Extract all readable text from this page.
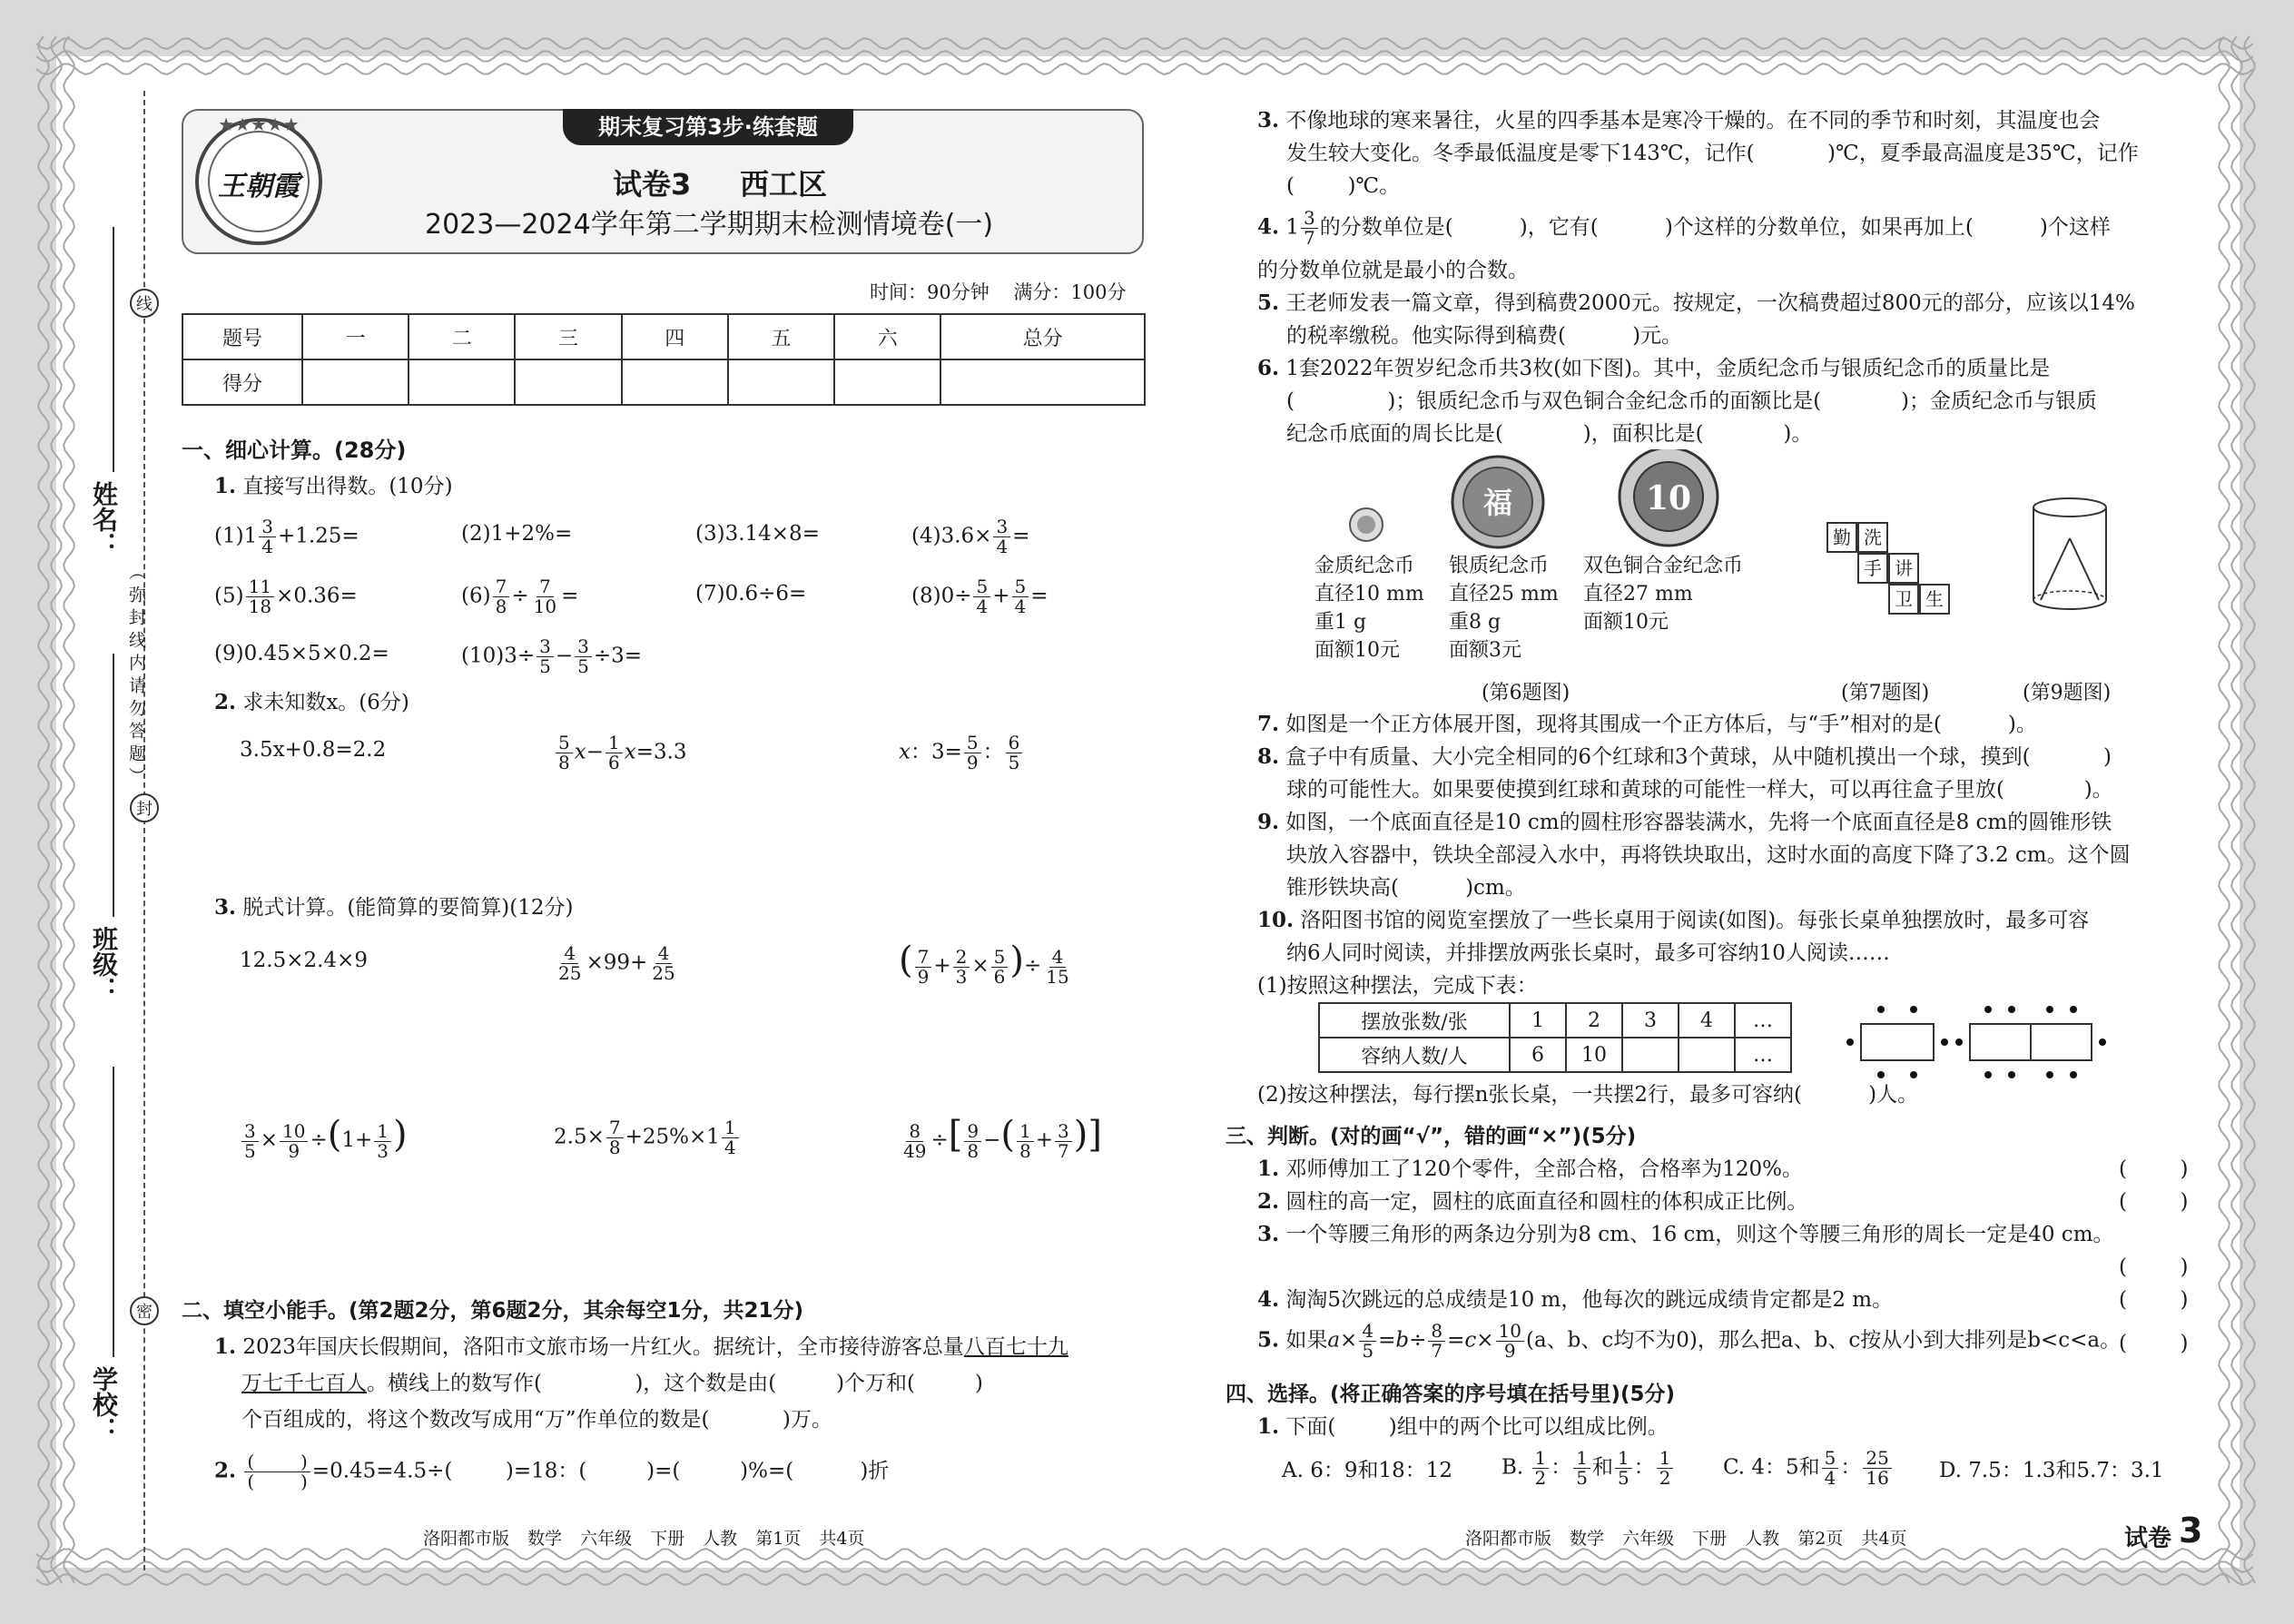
线
封
密
（弥封线内请勿答题）
姓名：
班级：
学校：
期末复习第3步·练套题
★★★★★
王朝霞	试卷3 西工区
2023—2024学年第二学期期末检测情境卷(一)
时间：90分钟    满分：100分
题号	一	二	三	四	五	六	总分
得分							
一、细心计算。(28分)
1. 直接写出得数。(10分)
$(1)1 \frac{3}{4} +1.25=$	(2)1+2%=	(3)3.14×8=	$(4)3.6\times \frac{3}{4}$ =
$(5) \frac{11}{18} \times 0.36=$	$(6) \frac{7}{8} \div \frac{7}{10}$ =	(7)0.6÷6=	$(8)0\div \frac{5}{4} + \frac{5}{4}$ =
(9)0.45×5×0.2=	$(10)3\div \frac{3}{5} - \frac{3}{5} \div 3=$
2. 求未知数x。(6分)
3.5x+0.8=2.2	$\frac{5}{8} x- \frac{1}{6} x=3.3$	x：$3= \frac{5}{9}$ ： $\frac{6}{5}$
3. 脱式计算。(能简算的要简算)(12分)
12.5×2.4×9	$\frac{4}{25} \times 99+ \frac{4}{25}$	( $\frac{7}{9} + \frac{2}{3} \times \frac{5}{6}$ )÷ $\frac{4}{15}$
$\frac{3}{5} \times \frac{10}{9} \div(1+ \frac{1}{3}$ )	$2.5\times \frac{7}{8} +25\%\times 1 \frac{1}{4}$	$\frac{8}{49}$ ÷[ $\frac{9}{8}$ −( $\frac{1}{8} + \frac{3}{7}$ )]
二、填空小能手。(第2题2分，第6题2分，其余每空1分，共21分)
1. 2023年国庆长假期间，洛阳市文旅市场一片红火。据统计，全市接待游客总量八百七十九
万七千七百人。横线上的数写作(              )，这个数是由(         )个万和(         )
个百组成的，将这个数改写成用“万”作单位的数是(           )万。
2. $\frac{( )}{( )} =0.45=4.5\div$(        )=18：(         )=(         )%=(          )折
洛阳都市版 数学 六年级 下册 人教 第1页 共4页
3. 不像地球的寒来暑往，火星的四季基本是寒冷干燥的。在不同的季节和时刻，其温度也会
发生较大变化。冬季最低温度是零下143℃，记作(           )℃，夏季最高温度是35℃，记作
(        )℃。
4. $1 \frac{3}{7}$ 的分数单位是(          )，它有(          )个这样的分数单位，如果再加上(          )个这样
的分数单位就是最小的合数。
5. 王老师发表一篇文章，得到稿费2000元。按规定，一次稿费超过800元的部分，应该以14%
的税率缴税。他实际得到稿费(          )元。
6. 1套2022年贺岁纪念币共3枚(如下图)。其中，金质纪念币与银质纪念币的质量比是
(              )；银质纪念币与双色铜合金纪念币的面额比是(            )；金质纪念币与银质
纪念币底面的周长比是(            )，面积比是(            )。
福	10
金质纪念币
直径10 mm
重1 g
面额10元
银质纪念币
直径25 mm
重8 g
面额3元
双色铜合金纪念币
直径27 mm
面额10元
勤 洗
手 讲
卫 生
(第6题图)	(第7题图)	(第9题图)
7. 如图是一个正方体展开图，现将其围成一个正方体后，与“手”相对的是(          )。
8. 盒子中有质量、大小完全相同的6个红球和3个黄球，从中随机摸出一个球，摸到(           )
球的可能性大。如果要使摸到红球和黄球的可能性一样大，可以再往盒子里放(            )。
9. 如图，一个底面直径是10 cm的圆柱形容器装满水，先将一个底面直径是8 cm的圆锥形铁
块放入容器中，铁块全部浸入水中，再将铁块取出，这时水面的高度下降了3.2 cm。这个圆
锥形铁块高(          )cm。
10. 洛阳图书馆的阅览室摆放了一些长桌用于阅读(如图)。每张长桌单独摆放时，最多可容
纳6人同时阅读，并排摆放两张长桌时，最多可容纳10人阅读……
(1)按照这种摆法，完成下表：
摆放张数/张	1	2	3	4	…
容纳人数/人	6	10			…
(2)按这种摆法，每行摆n张长桌，一共摆2行，最多可容纳(          )人。
三、判断。(对的画“√”，错的画“×”)(5分)
1. 邓师傅加工了120个零件，全部合格，合格率为120%。	(        )
2. 圆柱的高一定，圆柱的底面直径和圆柱的体积成正比例。	(        )
3. 一个等腰三角形的两条边分别为8 cm、16 cm，则这个等腰三角形的周长一定是40 cm。
(        )
4. 淘淘5次跳远的总成绩是10 m，他每次的跳远成绩肯定都是2 m。	(        )
5. 如果$a\times \frac{4}{5} =b\div \frac{8}{7} =c\times \frac{10}{9} (a$、b、c均不为0)，那么把a、b、c按从小到大排列是b<c<a。
(        )
四、选择。(将正确答案的序号填在括号里)(5分)
1. 下面(        )组中的两个比可以组成比例。
A. 6：9和18：12 B. $\frac{1}{2}$ ： $\frac{1}{5}$ 和 $\frac{1}{5}$ ： $\frac{1}{2} C$. 4：5和 $\frac{5}{4}$ ： $\frac{25}{16} D$. 7.5：1.3和5.7：3.1
洛阳都市版 数学 六年级 下册 人教 第2页 共4页	试卷 3
